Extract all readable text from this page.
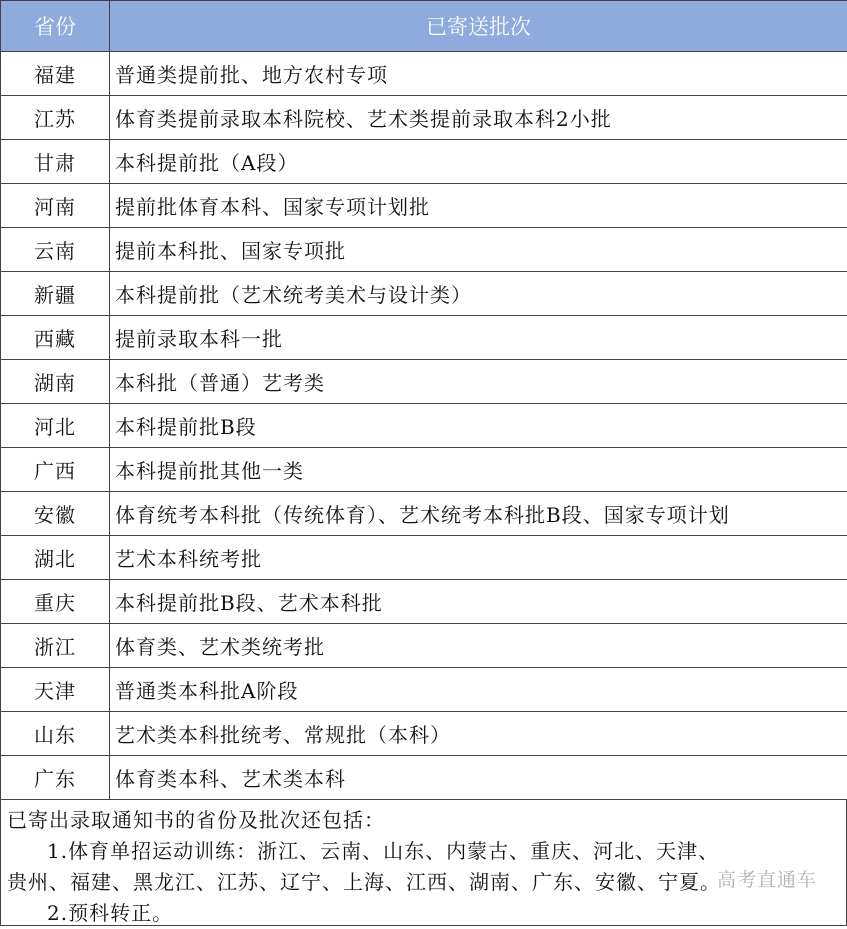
省份	已寄送批次
福建	普通类提前批、地方农村专项
江苏	体育类提前录取本科院校、艺术类提前录取本科2小批
甘肃	本科提前批（A段）
河南	提前批体育本科、国家专项计划批
云南	提前本科批、国家专项批
新疆	本科提前批（艺术统考美术与设计类）
西藏	提前录取本科一批
湖南	本科批（普通）艺考类
河北	本科提前批B段
广西	本科提前批其他一类
安徽	体育统考本科批（传统体育）、艺术统考本科批B段、国家专项计划
湖北	艺术本科统考批
重庆	本科提前批B段、艺术本科批
浙江	体育类、艺术类统考批
天津	普通类本科批A阶段
山东	艺术类本科批统考、常规批（本科）
广东	体育类本科、艺术类本科

已寄出录取通知书的省份及批次还包括：

1.体育单招运动训练：浙江、云南、山东、内蒙古、重庆、河北、天津、

贵州、福建、黑龙江、江苏、辽宁、上海、江西、湖南、广东、安徽、宁夏。

2.预科转正。

高考直通车
